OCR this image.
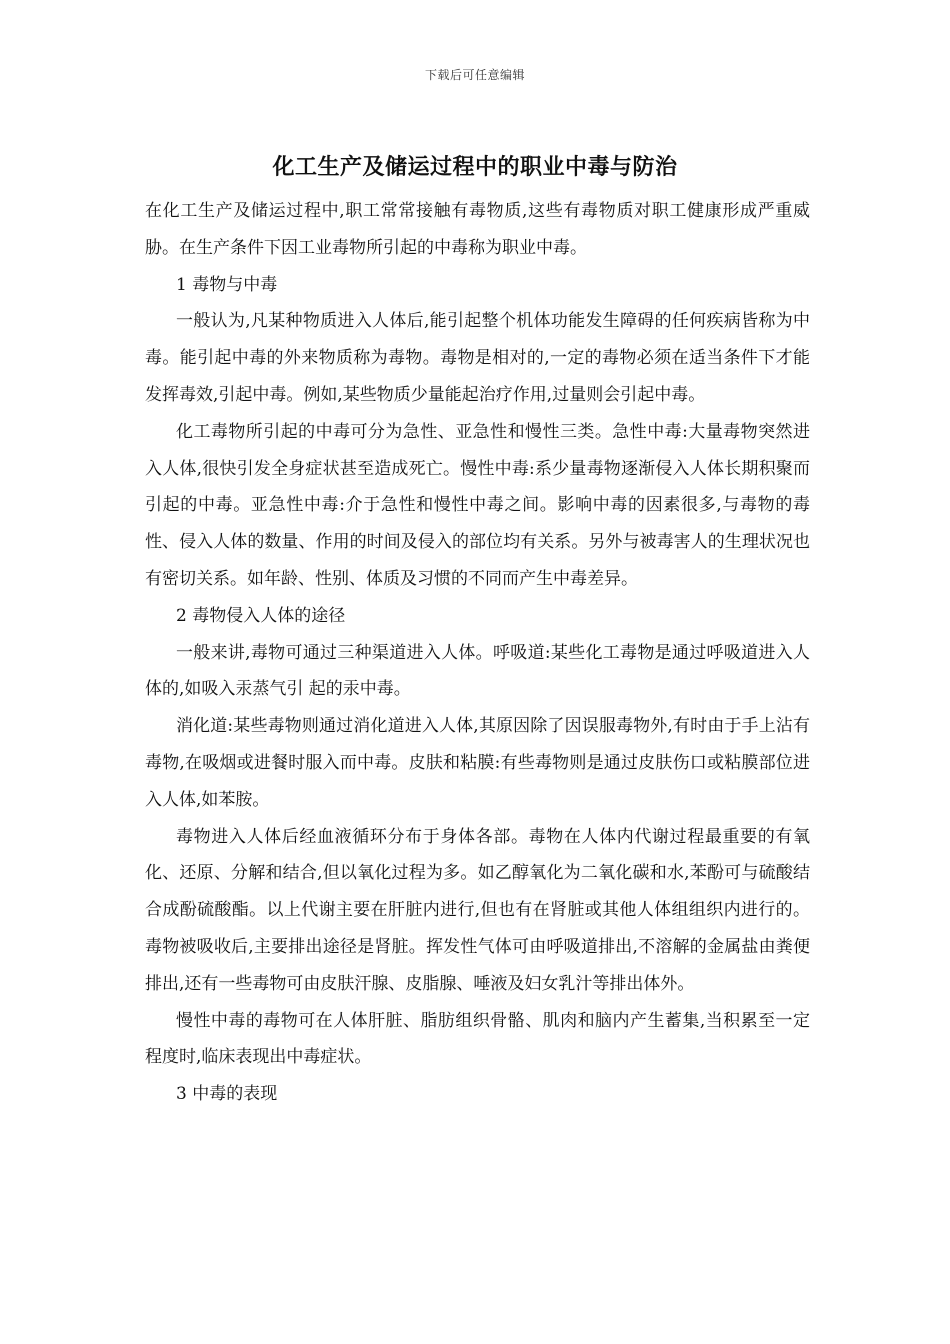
下载后可任意编辑
化工生产及储运过程中的职业中毒与防治

在化工生产及储运过程中,职工常常接触有毒物质,这些有毒物质对职工健康形成严重威胁。在生产条件下因工业毒物所引起的中毒称为职业中毒。

1 毒物与中毒

一般认为,凡某种物质进入人体后,能引起整个机体功能发生障碍的任何疾病皆称为中毒。能引起中毒的外来物质称为毒物。毒物是相对的,一定的毒物必须在适当条件下才能发挥毒效,引起中毒。例如,某些物质少量能起治疗作用,过量则会引起中毒。

化工毒物所引起的中毒可分为急性、亚急性和慢性三类。急性中毒:大量毒物突然进入人体,很快引发全身症状甚至造成死亡。慢性中毒:系少量毒物逐渐侵入人体长期积聚而引起的中毒。亚急性中毒:介于急性和慢性中毒之间。影响中毒的因素很多,与毒物的毒性、侵入人体的数量、作用的时间及侵入的部位均有关系。另外与被毒害人的生理状况也有密切关系。如年龄、性别、体质及习惯的不同而产生中毒差异。

2 毒物侵入人体的途径

一般来讲,毒物可通过三种渠道进入人体。呼吸道:某些化工毒物是通过呼吸道进入人体的,如吸入汞蒸气引 起的汞中毒。

消化道:某些毒物则通过消化道进入人体,其原因除了因误服毒物外,有时由于手上沾有毒物,在吸烟或进餐时服入而中毒。皮肤和粘膜:有些毒物则是通过皮肤伤口或粘膜部位进入人体,如苯胺。

毒物进入人体后经血液循环分布于身体各部。毒物在人体内代谢过程最重要的有氧化、还原、分解和结合,但以氧化过程为多。如乙醇氧化为二氧化碳和水,苯酚可与硫酸结合成酚硫酸酯。以上代谢主要在肝脏内进行,但也有在肾脏或其他人体组组织内进行的。毒物被吸收后,主要排出途径是肾脏。挥发性气体可由呼吸道排出,不溶解的金属盐由粪便排出,还有一些毒物可由皮肤汗腺、皮脂腺、唾液及妇女乳汁等排出体外。

慢性中毒的毒物可在人体肝脏、脂肪组织骨骼、肌肉和脑内产生蓄集,当积累至一定程度时,临床表现出中毒症状。

3 中毒的表现
